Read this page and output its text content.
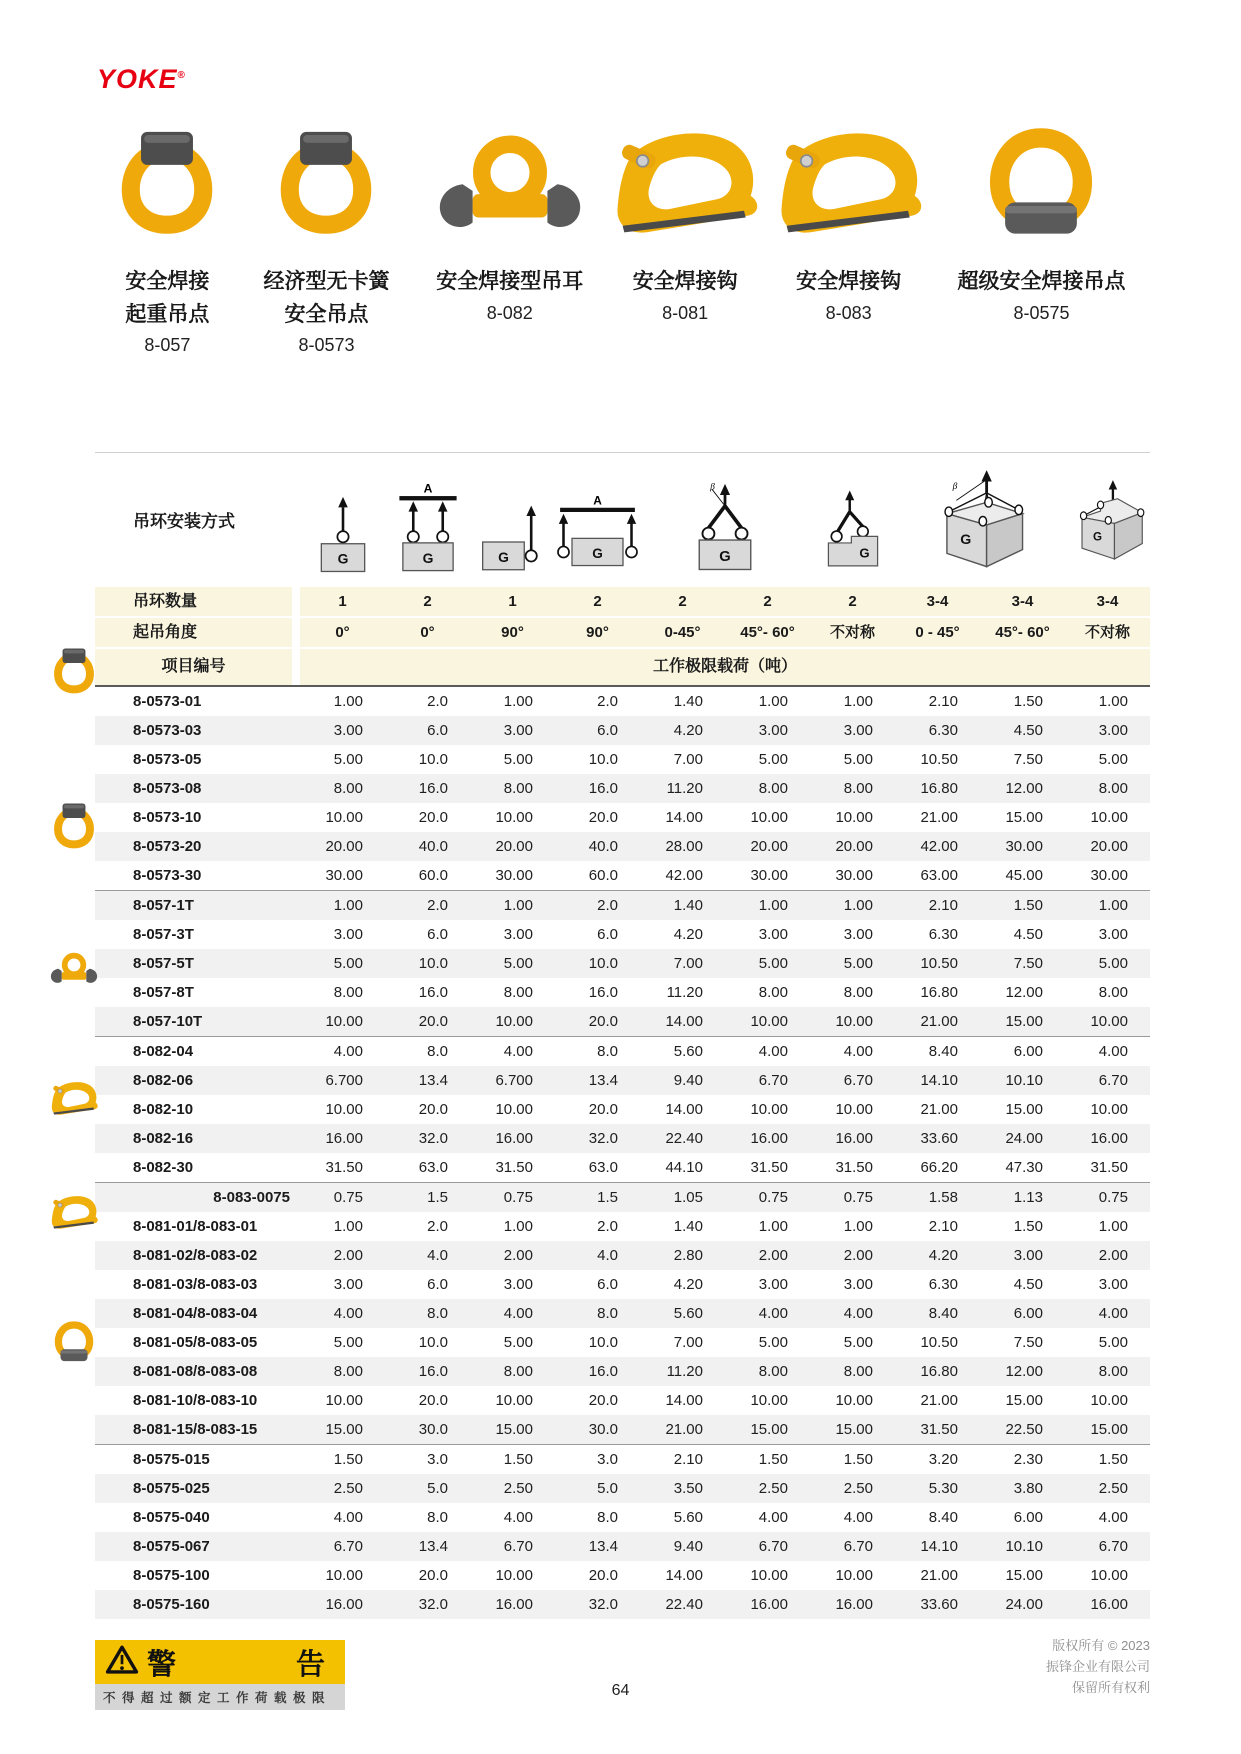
YOKE®
安全焊接
起重吊点
8-057
经济型无卡簧
安全吊点
8-0573
安全焊接型吊耳
8-082
安全焊接钩
8-081
安全焊接钩
8-083
超级安全焊接吊点
8-0575
吊环安装方式
G
A
G	G
A
G
β
G	G
β
G	G
吊环数量	1	2	1	2	2	2	2	3-4	3-4	3-4
起吊角度	0°	0°	90°	90°	0-45°	45°- 60°	不对称	0 - 45°	45°- 60°	不对称
项目编号	工作极限载荷（吨）
8-0573-01	1.00	2.0	1.00	2.0	1.40	1.00	1.00	2.10	1.50	1.00
8-0573-03	3.00	6.0	3.00	6.0	4.20	3.00	3.00	6.30	4.50	3.00
8-0573-05	5.00	10.0	5.00	10.0	7.00	5.00	5.00	10.50	7.50	5.00
8-0573-08	8.00	16.0	8.00	16.0	11.20	8.00	8.00	16.80	12.00	8.00
8-0573-10	10.00	20.0	10.00	20.0	14.00	10.00	10.00	21.00	15.00	10.00
8-0573-20	20.00	40.0	20.00	40.0	28.00	20.00	20.00	42.00	30.00	20.00
8-0573-30	30.00	60.0	30.00	60.0	42.00	30.00	30.00	63.00	45.00	30.00
8-057-1T	1.00	2.0	1.00	2.0	1.40	1.00	1.00	2.10	1.50	1.00
8-057-3T	3.00	6.0	3.00	6.0	4.20	3.00	3.00	6.30	4.50	3.00
8-057-5T	5.00	10.0	5.00	10.0	7.00	5.00	5.00	10.50	7.50	5.00
8-057-8T	8.00	16.0	8.00	16.0	11.20	8.00	8.00	16.80	12.00	8.00
8-057-10T	10.00	20.0	10.00	20.0	14.00	10.00	10.00	21.00	15.00	10.00
8-082-04	4.00	8.0	4.00	8.0	5.60	4.00	4.00	8.40	6.00	4.00
8-082-06	6.700	13.4	6.700	13.4	9.40	6.70	6.70	14.10	10.10	6.70
8-082-10	10.00	20.0	10.00	20.0	14.00	10.00	10.00	21.00	15.00	10.00
8-082-16	16.00	32.0	16.00	32.0	22.40	16.00	16.00	33.60	24.00	16.00
8-082-30	31.50	63.0	31.50	63.0	44.10	31.50	31.50	66.20	47.30	31.50
8-083-0075	0.75	1.5	0.75	1.5	1.05	0.75	0.75	1.58	1.13	0.75
8-081-01/8-083-01	1.00	2.0	1.00	2.0	1.40	1.00	1.00	2.10	1.50	1.00
8-081-02/8-083-02	2.00	4.0	2.00	4.0	2.80	2.00	2.00	4.20	3.00	2.00
8-081-03/8-083-03	3.00	6.0	3.00	6.0	4.20	3.00	3.00	6.30	4.50	3.00
8-081-04/8-083-04	4.00	8.0	4.00	8.0	5.60	4.00	4.00	8.40	6.00	4.00
8-081-05/8-083-05	5.00	10.0	5.00	10.0	7.00	5.00	5.00	10.50	7.50	5.00
8-081-08/8-083-08	8.00	16.0	8.00	16.0	11.20	8.00	8.00	16.80	12.00	8.00
8-081-10/8-083-10	10.00	20.0	10.00	20.0	14.00	10.00	10.00	21.00	15.00	10.00
8-081-15/8-083-15	15.00	30.0	15.00	30.0	21.00	15.00	15.00	31.50	22.50	15.00
8-0575-015	1.50	3.0	1.50	3.0	2.10	1.50	1.50	3.20	2.30	1.50
8-0575-025	2.50	5.0	2.50	5.0	3.50	2.50	2.50	5.30	3.80	2.50
8-0575-040	4.00	8.0	4.00	8.0	5.60	4.00	4.00	8.40	6.00	4.00
8-0575-067	6.70	13.4	6.70	13.4	9.40	6.70	6.70	14.10	10.10	6.70
8-0575-100	10.00	20.0	10.00	20.0	14.00	10.00	10.00	21.00	15.00	10.00
8-0575-160	16.00	32.0	16.00	32.0	22.40	16.00	16.00	33.60	24.00	16.00
警	告
不得超过额定工作荷载极限	64
版权所有 © 2023
振锋企业有限公司
保留所有权利
